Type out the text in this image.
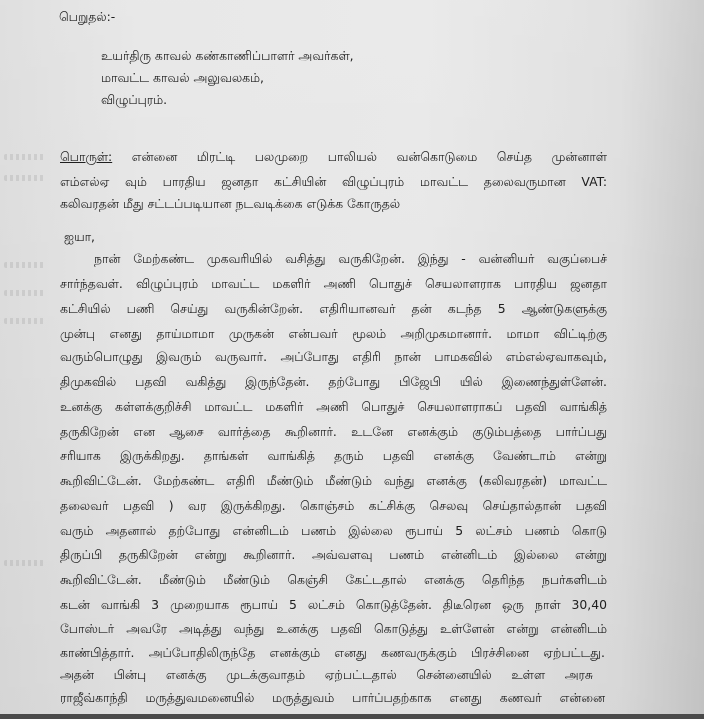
பெறுதல்:-
உயர்திரு காவல் கண்காணிப்பாளர் அவர்கள்,
மாவட்ட காவல் அலுவலகம்,
விழுப்புரம்.
பொருள்: என்னை மிரட்டி பலமுறை பாலியல் வன்கொடுமை செய்த முன்னாள்
எம்எல்ஏ வும் பாரதிய ஜனதா கட்சியின் விழுப்புரம் மாவட்ட தலைவருமான VAT:
கலிவரதன் மீது சட்டப்படியான நடவடிக்கை எடுக்க கோருதல்
ஐயா,
நான் மேற்கண்ட முகவரியில் வசித்து வருகிறேன். இந்து - வன்னியர் வகுப்பைச்
சார்ந்தவள். விழுப்புரம் மாவட்ட மகளிர் அணி பொதுச் செயலாளராக பாரதிய ஜனதா
கட்சியில் பணி செய்து வருகின்றேன். எதிரியானவர் தன் கடந்த 5 ஆண்டுகளுக்கு
முன்பு எனது தாய்மாமா முருகன் என்பவர் மூலம் அறிமுகமானார். மாமா விட்டிற்கு
வரும்பொழுது இவரும் வருவார். அப்போது எதிரி நான் பாமகவில் எம்எல்ஏவாகவும்,
திமுகவில் பதவி வகித்து இருந்தேன். தற்போது பிஜேபி யில் இணைந்துள்ளேன்.
உனக்கு கள்ளக்குறிச்சி மாவட்ட மகளிர் அணி பொதுச் செயலாளராகப் பதவி வாங்கித்
தருகிறேன் என ஆசை வார்த்தை கூறினார். உடனே எனக்கும் குடும்பத்தை பார்ப்பது
சரியாக இருக்கிறது. தாங்கள் வாங்கித் தரும் பதவி எனக்கு வேண்டாம் என்று
கூறிவிட்டேன். மேற்கண்ட எதிரி மீண்டும் மீண்டும் வந்து எனக்கு (கலிவரதன்) மாவட்ட
தலைவர் பதவி ) வர இருக்கிறது. கொஞ்சம் கட்சிக்கு செலவு செய்தால்தான் பதவி
வரும் அதனால் தற்போது என்னிடம் பணம் இல்லை ரூபாய் 5 லட்சம் பணம் கொடு
திருப்பி தருகிறேன் என்று கூறினார். அவ்வளவு பணம் என்னிடம் இல்லை என்று
கூறிவிட்டேன். மீண்டும் மீண்டும் கெஞ்சி கேட்டதால் எனக்கு தெரிந்த நபர்களிடம்
கடன் வாங்கி 3 முறையாக ரூபாய் 5 லட்சம் கொடுத்தேன். திடீரென ஒரு நாள் 30,40
போஸ்டர் அவரே அடித்து வந்து உனக்கு பதவி கொடுத்து உள்ளேன் என்று என்னிடம்
காண்பித்தார். அப்போதிலிருந்தே எனக்கும் எனது கணவருக்கும் பிரச்சினை ஏற்பட்டது.
அதன் பின்பு எனக்கு முடக்குவாதம் ஏற்பட்டதால் சென்னையில் உள்ள அரசு
ராஜீவ்காந்தி மருத்துவமனையில் மருத்துவம் பார்ப்பதற்காக எனது கணவர் என்னை
